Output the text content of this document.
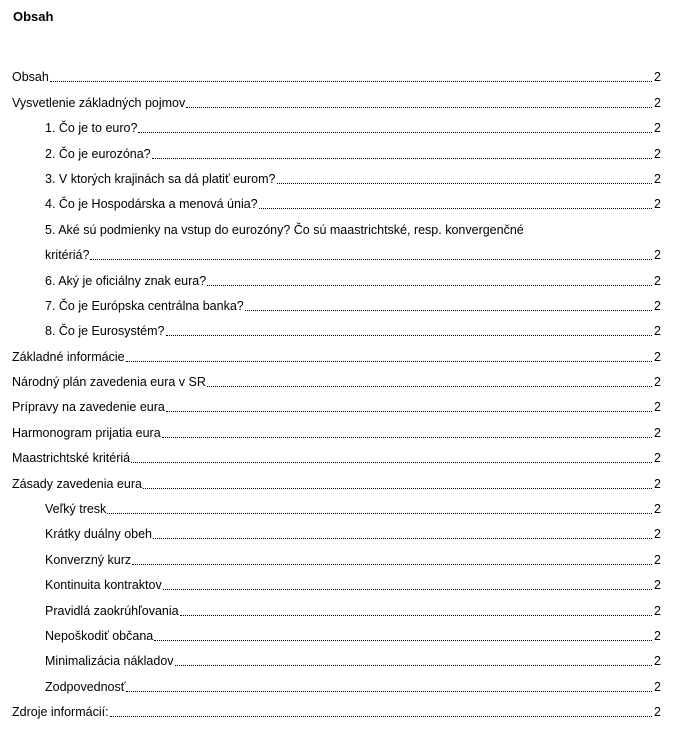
Obsah
Obsah	2
Vysvetlenie základných pojmov	2
1. Čo je to euro?	2
2. Čo je eurozóna?	2
3. V ktorých krajinách sa dá platiť eurom?	2
4. Čo je Hospodárska a menová únia?	2
5. Aké sú podmienky na vstup do eurozóny? Čo sú maastrichtské, resp. konvergenčné
kritériá?	2
6. Aký je oficiálny znak eura?	2
7. Čo je Európska centrálna banka?	2
8. Čo je Eurosystém?	2
Základné informácie	2
Národný plán zavedenia eura v SR	2
Prípravy na zavedenie eura	2
Harmonogram prijatia eura	2
Maastrichtské kritériá	2
Zásady zavedenia eura	2
Veľký tresk	2
Krátky duálny obeh	2
Konverzný kurz	2
Kontinuita kontraktov	2
Pravidlá zaokrúhľovania	2
Nepoškodiť občana	2
Minimalizácia nákladov	2
Zodpovednosť	2
Zdroje informácií:	2
